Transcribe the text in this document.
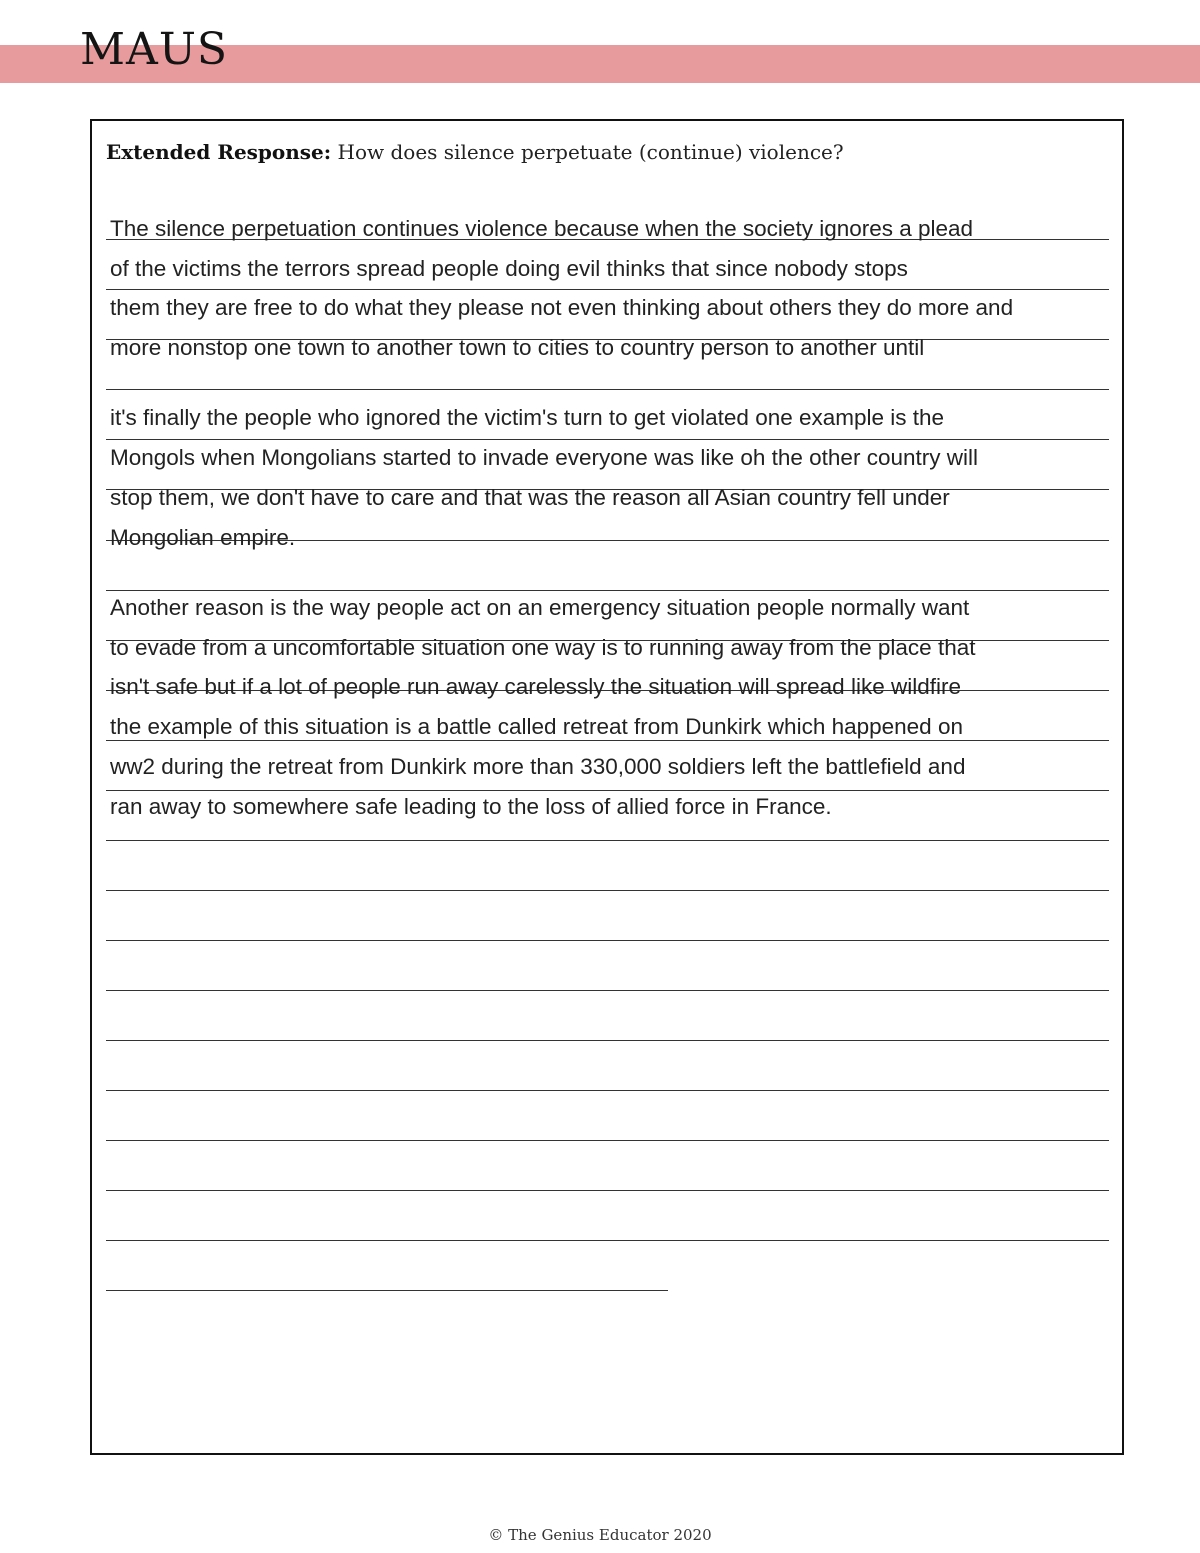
MAUS
Extended Response: How does silence perpetuate (continue) violence?
The silence perpetuation continues violence because when the society ignores a plead
of the victims the terrors spread people doing evil thinks that since nobody stops
them they are free to do what they please not even thinking about others they do more and
more nonstop one town to another town to cities to country person to another until
it's finally the people who ignored the victim's turn to get violated one example is the
Mongols when Mongolians started to invade everyone was like oh the other country will
stop them, we don't have to care and that was the reason all Asian country fell under
Mongolian empire.
Another reason is the way people act on an emergency situation people normally want
to evade from a uncomfortable situation one way is to running away from the place that
isn't safe but if a lot of people run away carelessly the situation will spread like wildfire
the example of this situation is a battle called retreat from Dunkirk which happened on
ww2 during the retreat from Dunkirk more than 330,000 soldiers left the battlefield and
ran away to somewhere safe leading to the loss of allied force in France.
© The Genius Educator 2020
